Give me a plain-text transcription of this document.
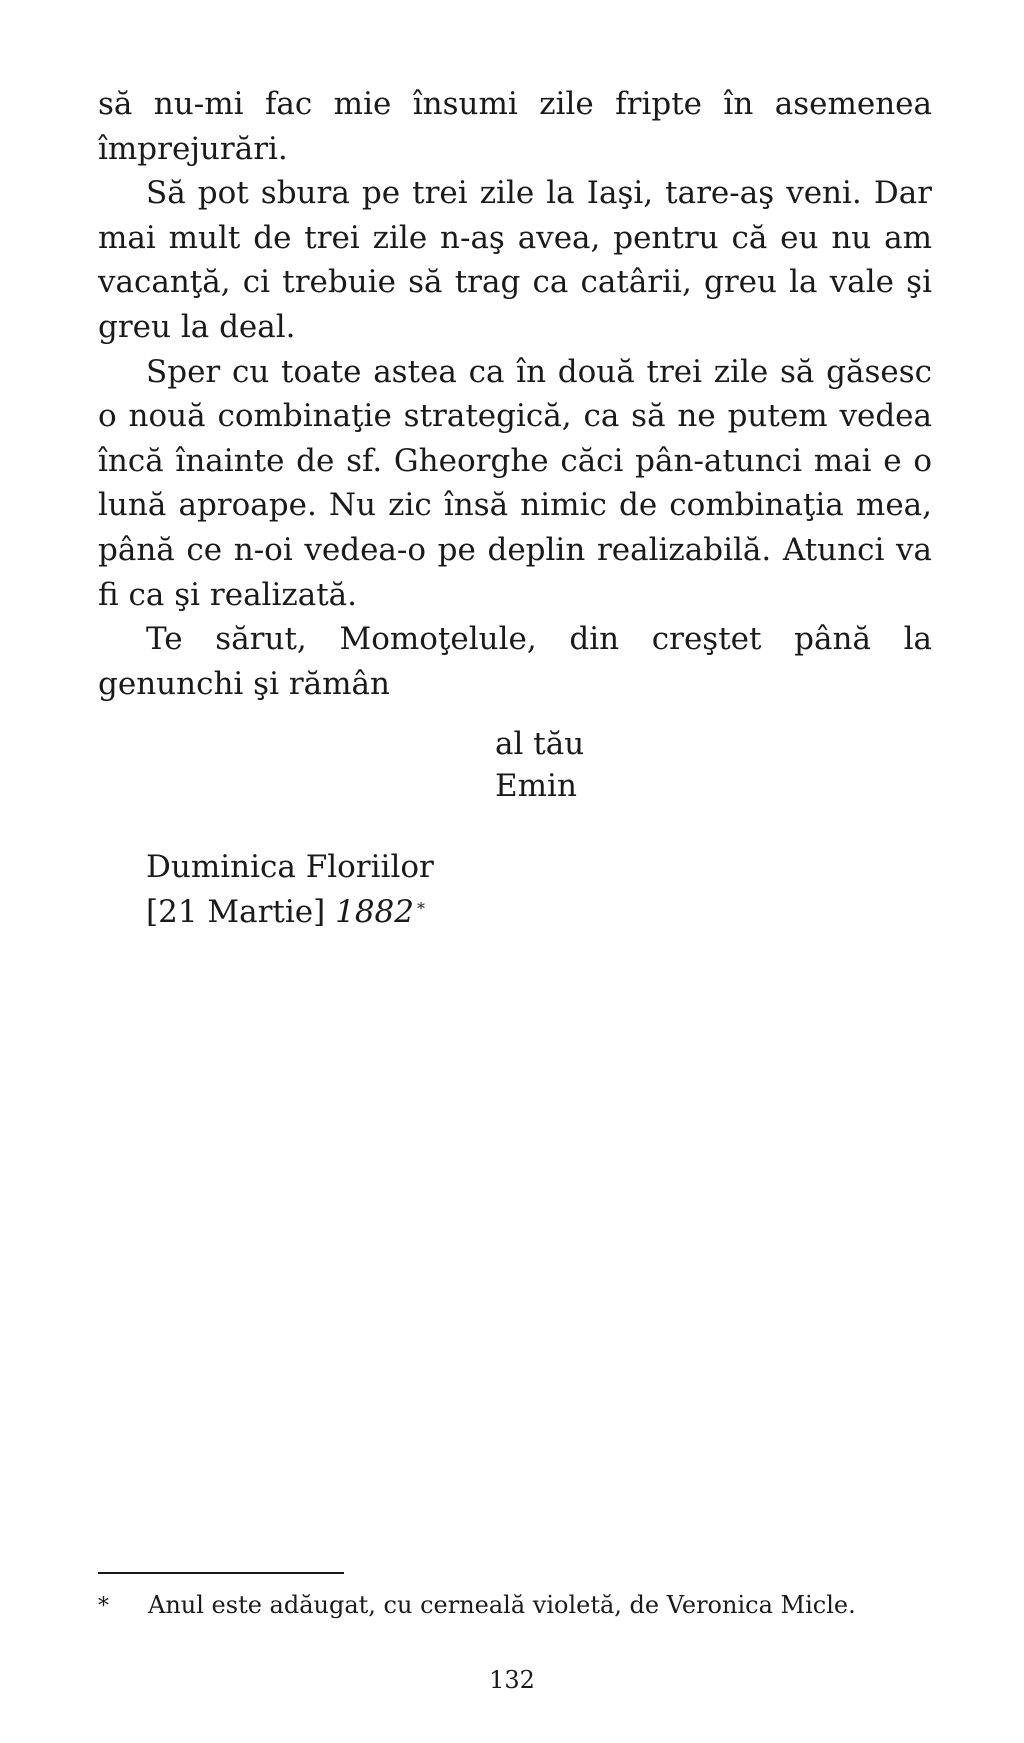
să nu-mi fac mie însumi zile fripte în asemenea împrejurări.

Să pot sbura pe trei zile la Iaşi, tare-aş veni. Dar mai mult de trei zile n-aş avea, pentru că eu nu am vacanţă, ci trebuie să trag ca catârii, greu la vale şi greu la deal.

Sper cu toate astea ca în două trei zile să găsesc o nouă combinaţie strategică, ca să ne putem vedea încă înainte de sf. Gheorghe căci pân-atunci mai e o lună aproape. Nu zic însă nimic de combinaţia mea, până ce n-oi vedea-o pe deplin realizabilă. Atunci va fi ca şi realizată.

Te sărut, Momoţelule, din creştet până la genunchi şi rămân

al tău
Emin
Duminica Floriilor
[21 Martie] 1882 *
* Anul este adăugat, cu cerneală violetă, de Veronica Micle.
132
